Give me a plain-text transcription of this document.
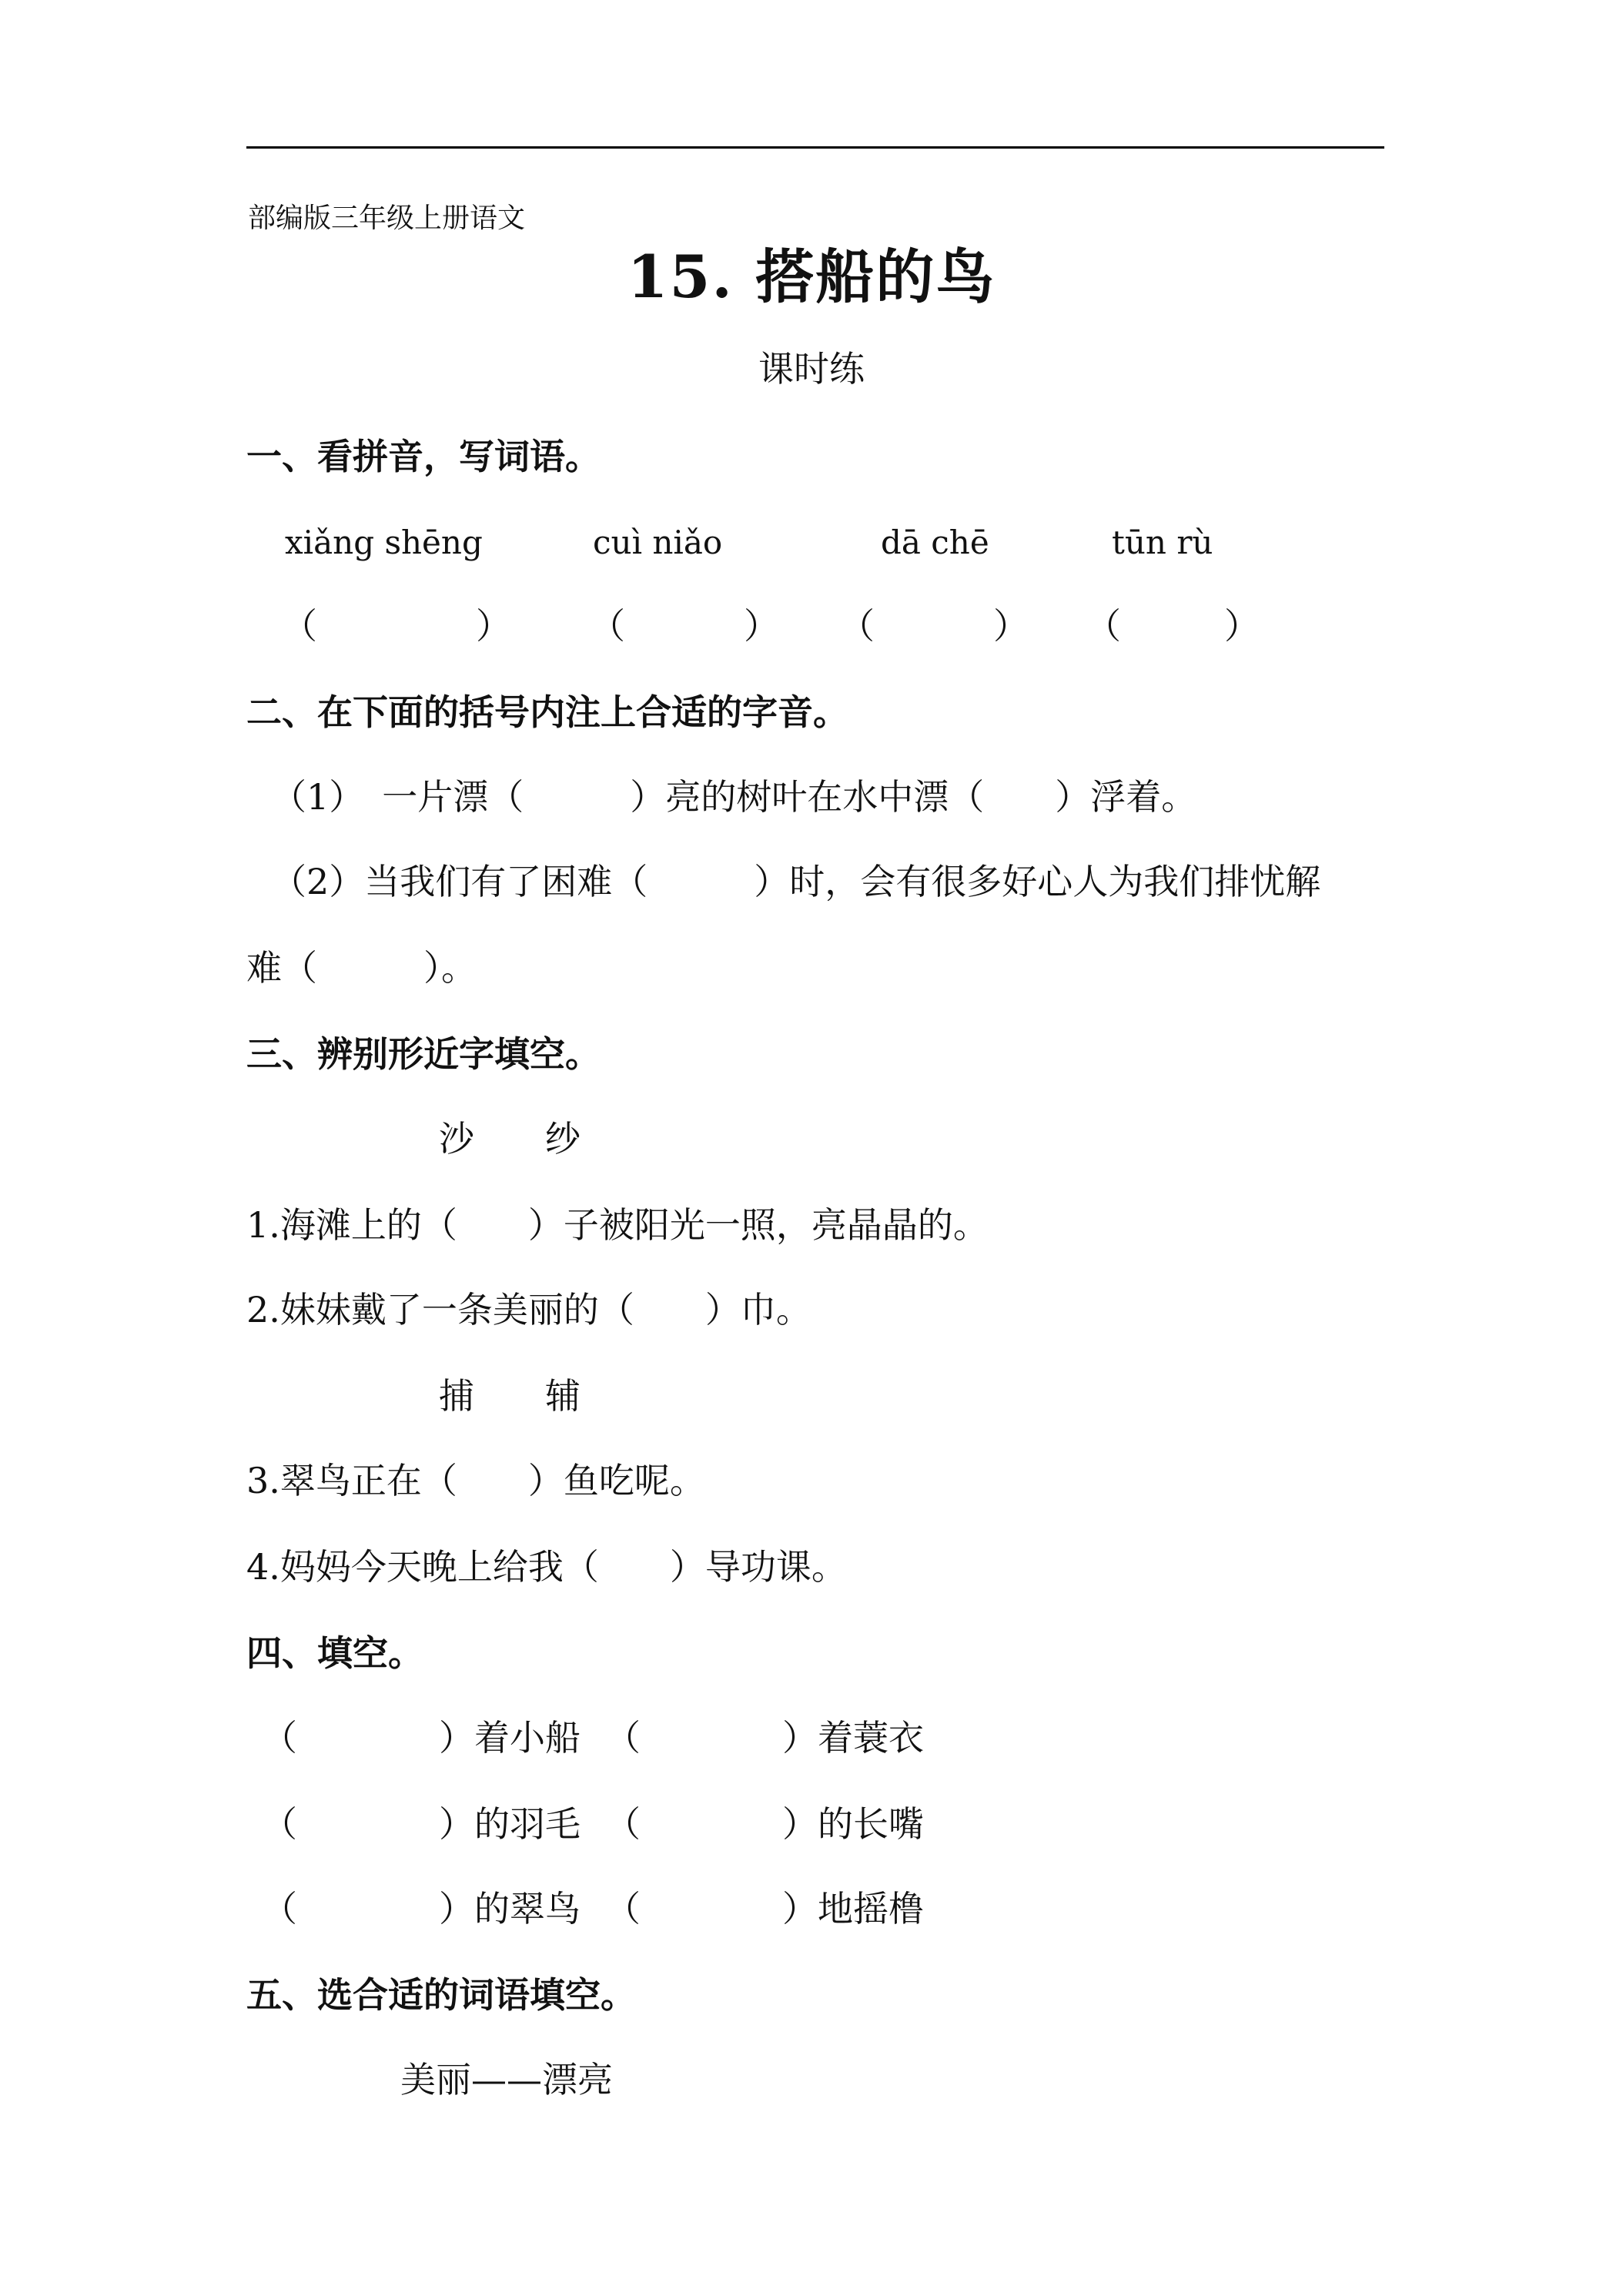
部编版三年级上册语文
15. 搭船的鸟
课时练
一、看拼音，写词语。
xiǎng shēng	cuì niǎo	dā chē	tūn rù
（	） （	） （	） （	）
二、在下面的括号内注上合适的字音。
（1）　一片漂（　　　）亮的树叶在水中漂（　　）浮着。
（2）当我们有了困难（　　　）时，会有很多好心人为我们排忧解
难（　　　）。
三、辨别形近字填空。
沙　　纱
1.海滩上的（　　）子被阳光一照，亮晶晶的。
2.妹妹戴了一条美丽的（　　）巾。
捕　　辅
3.翠鸟正在（　　）鱼吃呢。
4.妈妈今天晚上给我（　　）导功课。
四、填空。
（　　　　）着小船 （　　　　）着蓑衣
（　　　　）的羽毛 （　　　　）的长嘴
（　　　　）的翠鸟 （　　　　）地摇橹
五、选合适的词语填空。
美丽——漂亮
